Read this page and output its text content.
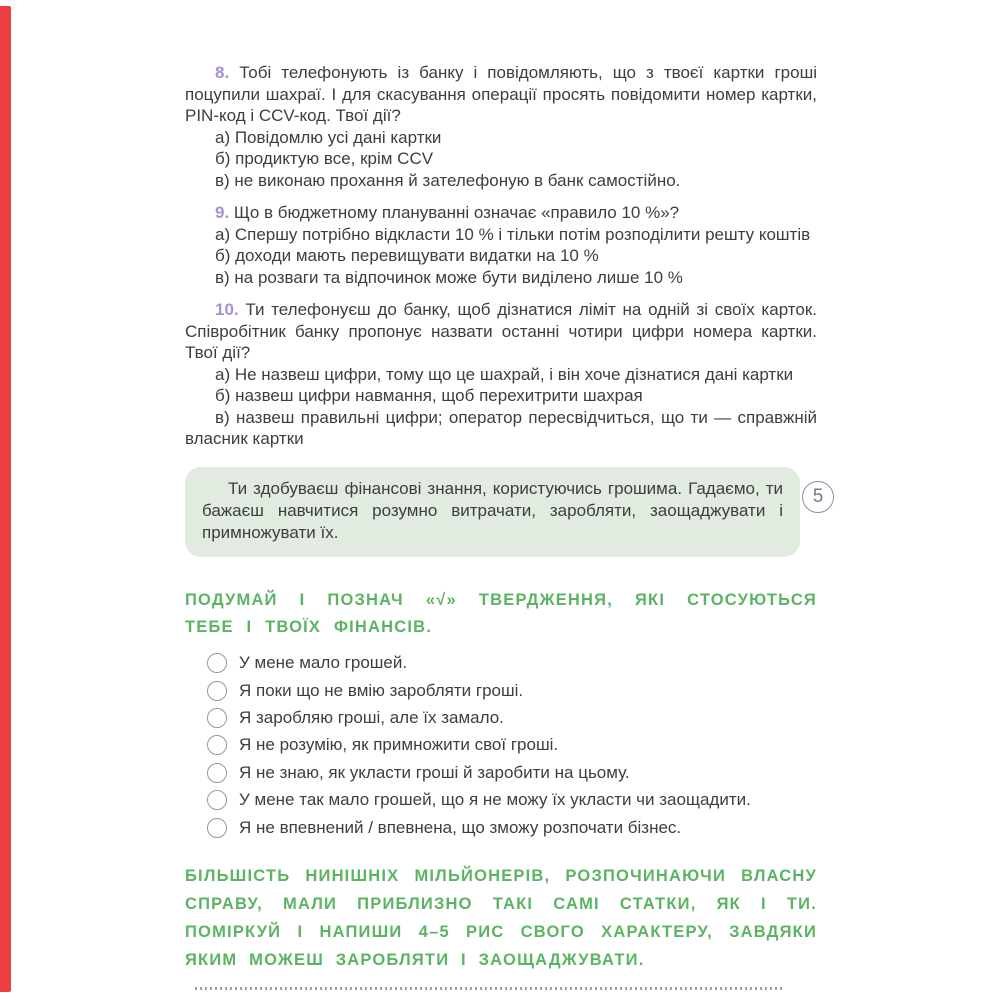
5

8. Тобі телефонують із банку і повідомляють, що з твоєї картки гроші поцупили шахраї. І для скасування операції просять повідомити номер картки, PIN-код і CCV-код. Твої дії?

а) Повідомлю усі дані картки

б) продиктую все, крім CCV

в) не виконаю прохання й зателефоную в банк самостійно.

9. Що в бюджетному плануванні означає «правило 10 %»?

а) Спершу потрібно відкласти 10 % і тільки потім розподілити решту коштів

б) доходи мають перевищувати видатки на 10 %

в) на розваги та відпочинок може бути виділено лише 10 %

10. Ти телефонуєш до банку, щоб дізнатися ліміт на одній зі своїх карток. Співробітник банку пропонує назвати останні чотири цифри номера картки. Твої дії?

а) Не назвеш цифри, тому що це шахрай, і він хоче дізнатися дані картки

б) назвеш цифри навмання, щоб перехитрити шахрая

в) назвеш правильні цифри; оператор пересвідчиться, що ти — справжній власник картки

Ти здобуваєш фінансові знання, користуючись грошима. Гадаємо, ти бажаєш навчитися розумно витрачати, заробляти, заощаджувати і примножувати їх.

ПОДУМАЙ І ПОЗНАЧ «√» ТВЕРДЖЕННЯ, ЯКІ СТОСУЮТЬСЯ ТЕБЕ І ТВОЇХ ФІНАНСІВ.

У мене мало грошей.
Я поки що не вмію заробляти гроші.
Я заробляю гроші, але їх замало.
Я не розумію, як примножити свої гроші.
Я не знаю, як укласти гроші й заробити на цьому.
У мене так мало грошей, що я не можу їх укласти чи заощадити.
Я не впевнений / впевнена, що зможу розпочати бізнес.

БІЛЬШІСТЬ НИНІШНІХ МІЛЬЙОНЕРІВ, РОЗПОЧИНАЮЧИ ВЛАСНУ СПРАВУ, МАЛИ ПРИБЛИЗНО ТАКІ САМІ СТАТКИ, ЯК І ТИ. ПОМІРКУЙ І НАПИШИ 4–5 РИС СВОГО ХАРАКТЕРУ, ЗАВДЯКИ ЯКИМ МОЖЕШ ЗАРОБЛЯТИ І ЗАОЩАДЖУВАТИ.
